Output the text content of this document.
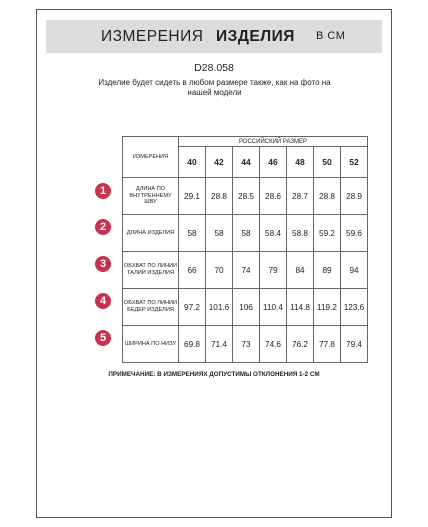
ИЗМЕРЕНИЯ ИЗДЕЛИЯ В СМ
D28.058
Изделие будет сидеть в любом размере также, как на фото на нашей модели
1
2
3
4
5
ИЗМЕРЕНИЯ	РОССИЙСКИЙ РАЗМЕР						
	40	42	44	46	48	50	52
ДЛИНА ПО ВНУТРЕННЕМУ ШВУ	29.1	28.8	28.5	28.6	28.7	28.8	28.9
ДЛИНА ИЗДЕЛИЯ	58	58	58	58.4	58.8	59.2	59.6
ОБХВАТ ПО ЛИНИИ ТАЛИИ ИЗДЕЛИЯ	66	70	74	79	84	89	94
ОБХВАТ ПО ЛИНИИ БЕДЕР ИЗДЕЛИЯ	97.2	101.6	106	110.4	114.8	119.2	123.6
ШИРИНА ПО НИЗУ	69.8	71.4	73	74.6	76.2	77.8	79.4
ПРИМЕЧАНИЕ: В ИЗМЕРЕНИЯХ ДОПУСТИМЫ ОТКЛОНЕНИЯ 1-2 СМ
